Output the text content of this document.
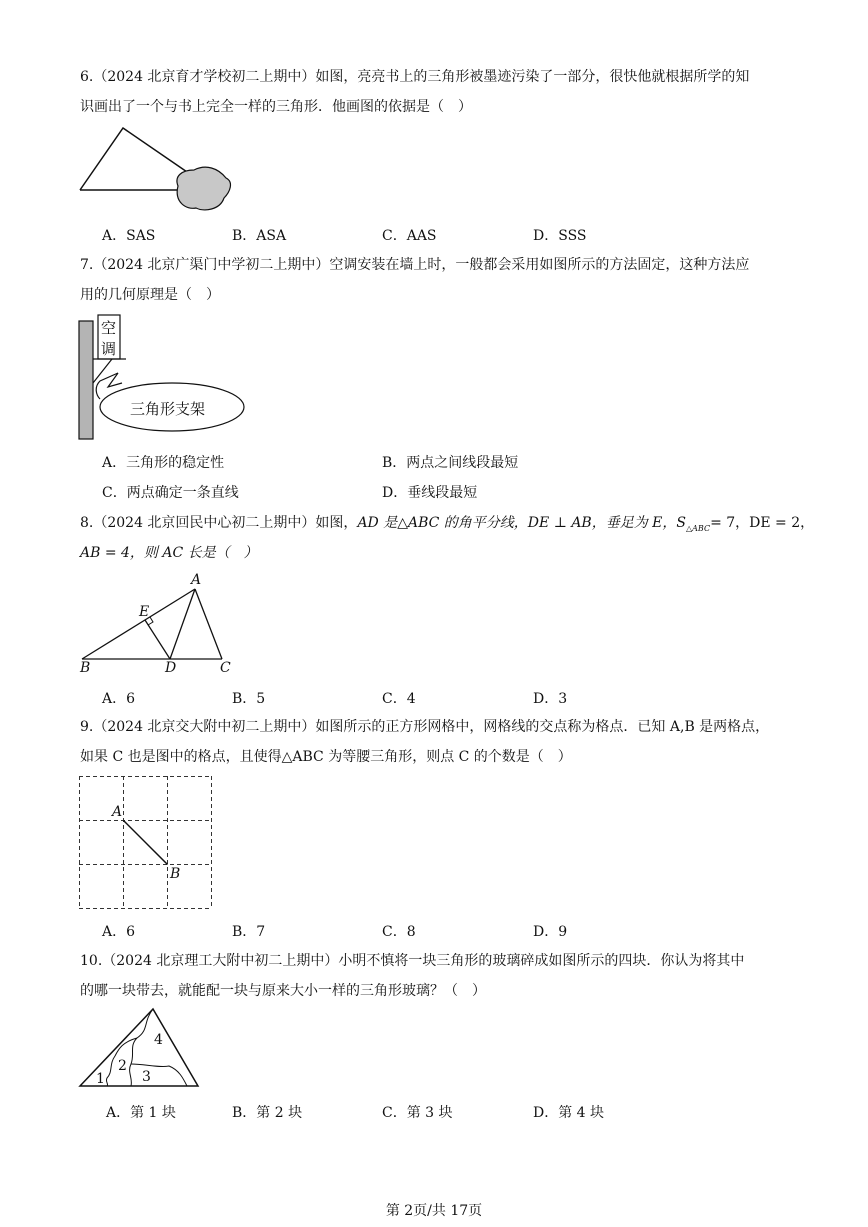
6.（2024 北京育才学校初二上期中）如图，亮亮书上的三角形被墨迹污染了一部分，很快他就根据所学的知
识画出了一个与书上完全一样的三角形．他画图的依据是（　）
A．SAS	B．ASA	C．AAS	D．SSS
7.（2024 北京广渠门中学初二上期中）空调安装在墙上时，一般都会采用如图所示的方法固定，这种方法应
用的几何原理是（　）
空
调
三角形支架
A．三角形的稳定性	B．两点之间线段最短
C．两点确定一条直线	D．垂线段最短
8.（2024 北京回民中心初二上期中）如图，AD 是△ABC 的角平分线，DE ⊥ AB，垂足为 E，$S_{\triangle ABC}= 7$，DE = 2，
AB = 4，则 AC 长是（　）
A
E
B	D	C
A．6	B．5	C．4	D．3
9.（2024 北京交大附中初二上期中）如图所示的正方形网格中，网格线的交点称为格点．已知 A,B 是两格点，
如果 C 也是图中的格点，且使得△ABC 为等腰三角形，则点 C 的个数是（　）
A
B
A．6	B．7	C．8	D．9
10.（2024 北京理工大附中初二上期中）小明不慎将一块三角形的玻璃碎成如图所示的四块．你认为将其中
的哪一块带去，就能配一块与原来大小一样的三角形玻璃？（　）
1
2
3
4
A．第 1 块	B．第 2 块	C．第 3 块	D．第 4 块
第 2页/共 17页
